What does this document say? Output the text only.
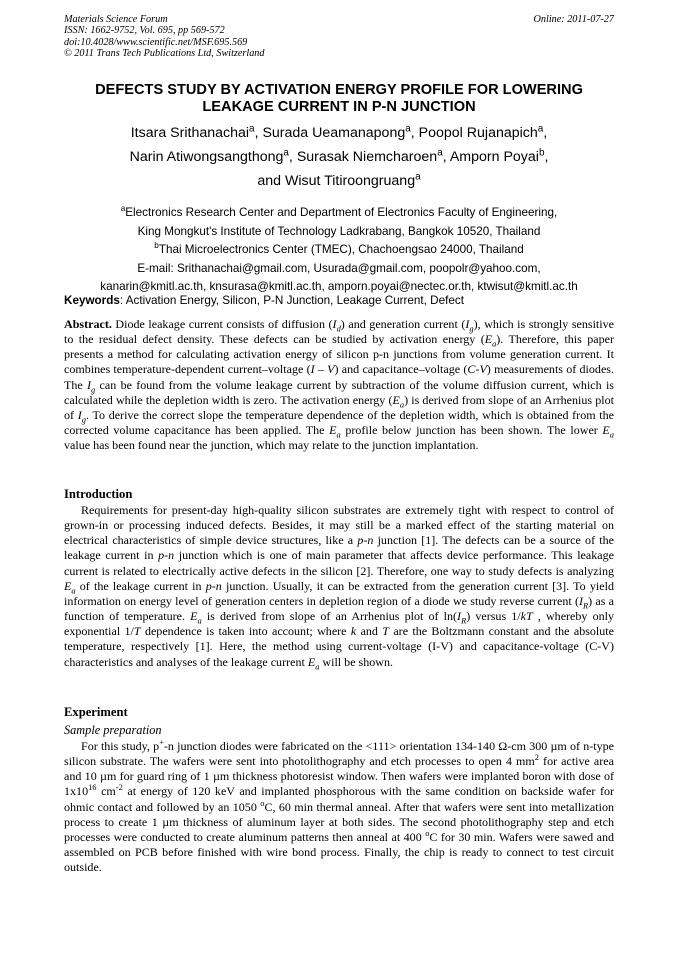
Materials Science Forum
ISSN: 1662-9752, Vol. 695, pp 569-572
doi:10.4028/www.scientific.net/MSF.695.569
© 2011 Trans Tech Publications Ltd, Switzerland
Online: 2011-07-27
DEFECTS STUDY BY ACTIVATION ENERGY PROFILE FOR LOWERING
LEAKAGE CURRENT IN P-N JUNCTION
Itsara Srithanachai$^a$, Surada Ueamanapong$^a$, Poopol Rujanapich$^a$,
Narin Atiwongsangthong$^a$, Surasak Niemcharoen$^a$, Amporn Poyai$^b$,
and Wisut Titiroongruang$^a$
$^a$Electronics Research Center and Department of Electronics Faculty of Engineering,
King Mongkut's Institute of Technology Ladkrabang, Bangkok 10520, Thailand
$^b$Thai Microelectronics Center (TMEC), Chachoengsao 24000, Thailand
E-mail: Srithanachai@gmail.com, Usurada@gmail.com, poopolr@yahoo.com,
kanarin@kmitl.ac.th, knsurasa@kmitl.ac.th, amporn.poyai@nectec.or.th, ktwisut@kmitl.ac.th
Keywords: Activation Energy, Silicon, P-N Junction, Leakage Current, Defect
Abstract. Diode leakage current consists of diffusion $(I_d)$ and generation current $(I_g)$, which is strongly sensitive to the residual defect density. These defects can be studied by activation energy $(E_a)$. Therefore, this paper presents a method for calculating activation energy of silicon p-n junctions from volume generation current. It combines temperature-dependent current–voltage (I – V) and capacitance–voltage (C-V) measurements of diodes. The $I_g$ can be found from the volume leakage current by subtraction of the volume diffusion current, which is calculated while the depletion width is zero. The activation energy $(E_a)$ is derived from slope of an Arrhenius plot of $I_g$. To derive the correct slope the temperature dependence of the depletion width, which is obtained from the corrected volume capacitance has been applied. The $E_a$ profile below junction has been shown. The lower $E_a$ value has been found near the junction, which may relate to the junction implantation.
Introduction
Requirements for present-day high-quality silicon substrates are extremely tight with respect to control of grown-in or processing induced defects. Besides, it may still be a marked effect of the starting material on electrical characteristics of simple device structures, like a p-n junction [1]. The defects can be a source of the leakage current in p-n junction which is one of main parameter that affects device performance. This leakage current is related to electrically active defects in the silicon [2]. Therefore, one way to study defects is analyzing $E_a$ of the leakage current in p-n junction. Usually, it can be extracted from the generation current [3]. To yield information on energy level of generation centers in depletion region of a diode we study reverse current $(I_R)$ as a function of temperature. $E_a$ is derived from slope of an Arrhenius plot of $\ln(I_R)$ versus 1/kT , whereby only exponential 1/T dependence is taken into account; where k and T are the Boltzmann constant and the absolute temperature, respectively [1]. Here, the method using current-voltage (I-V) and capacitance-voltage (C-V) characteristics and analyses of the leakage current $E_a$ will be shown.
Experiment
Sample preparation
For this study, p+-n junction diodes were fabricated on the <111> orientation 134-140 Ω-cm 300 µm of n-type silicon substrate. The wafers were sent into photolithography and etch processes to open 4 $mm^2$ for active area and 10 µm for guard ring of 1 µm thickness photoresist window. Then wafers were implanted boron with dose of $1x10^{16}$ $cm^{-2}$ at energy of 120 keV and implanted phosphorous with the same condition on backside wafer for ohmic contact and followed by an 1050 $^o$C, 60 min thermal anneal. After that wafers were sent into metallization process to create 1 µm thickness of aluminum layer at both sides. The second photolithography step and etch processes were conducted to create aluminum patterns then anneal at 400 $^o$C for 30 min. Wafers were sawed and assembled on PCB before finished with wire bond process. Finally, the chip is ready to connect to test circuit outside.
